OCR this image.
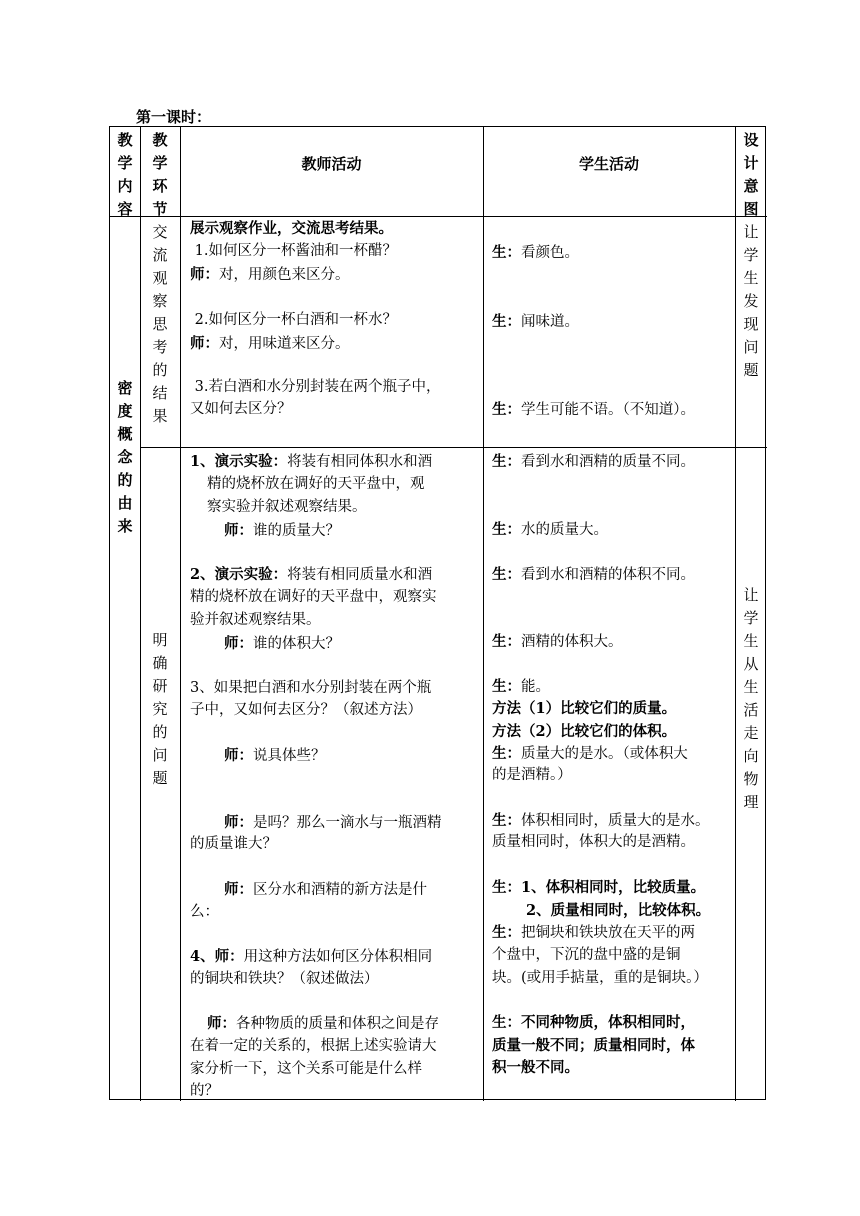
第一课时：
教
学
内
容
教
学
环
节
教师活动	学生活动
设
计
意
图
密
度
概
念
的
由
来
交
流
观
察
思
考
的
结
果
让
学
生
发
现
问
题
展示观察作业，交流思考结果。
1.如何区分一杯酱油和一杯醋？
师：对，用颜色来区分。
2.如何区分一杯白酒和一杯水？
师：对，用味道来区分。
3.若白酒和水分别封装在两个瓶子中，
又如何去区分？
生：看颜色。
生：闻味道。
生：学生可能不语。（不知道）。
明
确
研
究
的
问
题
让
学
生
从
生
活
走
向
物
理
1、演示实验：将装有相同体积水和酒
精的烧杯放在调好的天平盘中，观
察实验并叙述观察结果。
师：谁的质量大？
2、演示实验：将装有相同质量水和酒
精的烧杯放在调好的天平盘中，观察实
验并叙述观察结果。
师：谁的体积大？
3、如果把白酒和水分别封装在两个瓶
子中，又如何去区分？（叙述方法）
师：说具体些？
师：是吗？那么一滴水与一瓶酒精
的质量谁大？
师：区分水和酒精的新方法是什
么：
4、师：用这种方法如何区分体积相同
的铜块和铁块？（叙述做法）
师：各种物质的质量和体积之间是存
在着一定的关系的，根据上述实验请大
家分析一下，这个关系可能是什么样
的？
生：看到水和酒精的质量不同。
生：水的质量大。
生：看到水和酒精的体积不同。
生：酒精的体积大。
生：能。
方法（1）比较它们的质量。
方法（2）比较它们的体积。
生：质量大的是水。（或体积大
的是酒精。）
生：体积相同时，质量大的是水。
质量相同时，体积大的是酒精。
生：1、体积相同时，比较质量。
2、质量相同时，比较体积。
生：把铜块和铁块放在天平的两
个盘中，下沉的盘中盛的是铜
块。(或用手掂量，重的是铜块。）
生：不同种物质，体积相同时，
质量一般不同；质量相同时，体
积一般不同。
